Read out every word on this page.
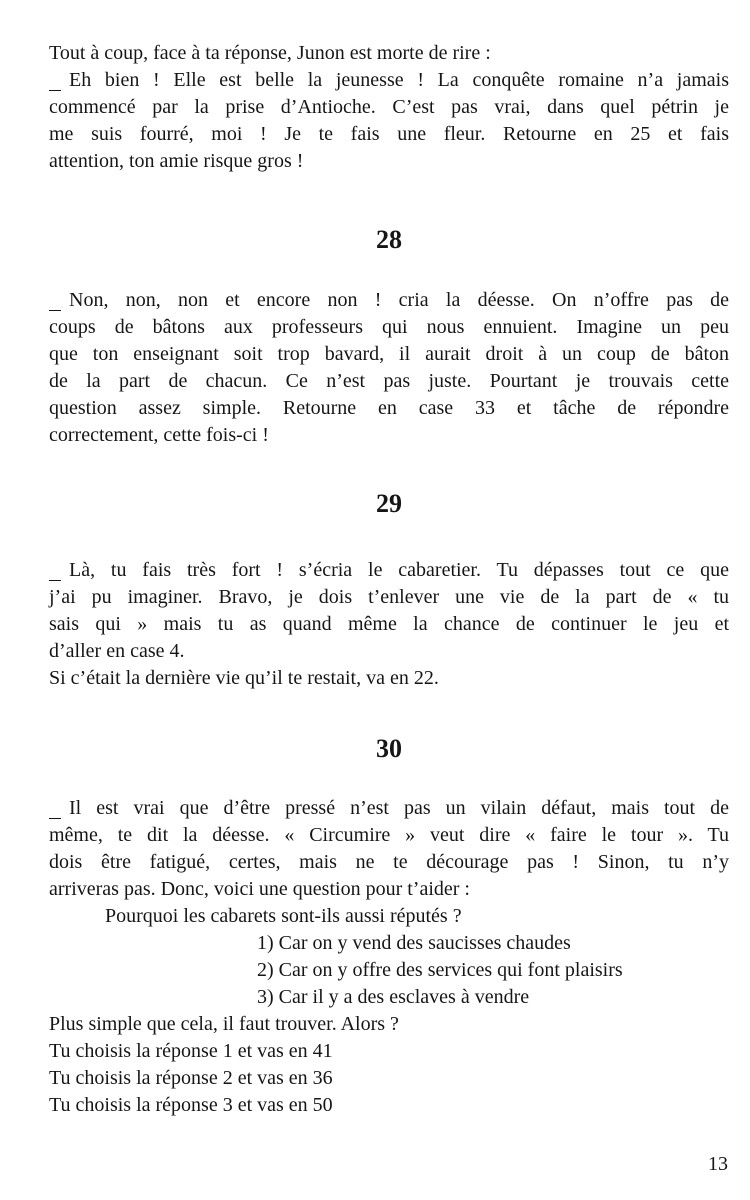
Tout à coup, face à ta réponse, Junon est morte de rire :
Eh bien ! Elle est belle la jeunesse ! La conquête romaine n’a jamais
commencé par la prise d’Antioche. C’est pas vrai, dans quel pétrin je
me suis fourré, moi ! Je te fais une fleur. Retourne en 25 et fais
attention, ton amie risque gros !
28
Non, non, non et encore non ! cria la déesse. On n’offre pas de
coups de bâtons aux professeurs qui nous ennuient. Imagine un peu
que ton enseignant soit trop bavard, il aurait droit à un coup de bâton
de la part de chacun. Ce n’est pas juste. Pourtant je trouvais cette
question assez simple. Retourne en case 33 et tâche de répondre
correctement, cette fois-ci !
29
Là, tu fais très fort ! s’écria le cabaretier. Tu dépasses tout ce que
j’ai pu imaginer. Bravo, je dois t’enlever une vie de la part de « tu
sais qui » mais tu as quand même la chance de continuer le jeu et
d’aller en case 4.
Si c’était la dernière vie qu’il te restait, va en 22.
30
Il est vrai que d’être pressé n’est pas un vilain défaut, mais tout de
même, te dit la déesse. « Circumire » veut dire « faire le tour ». Tu
dois être fatigué, certes, mais ne te décourage pas ! Sinon, tu n’y
arriveras pas. Donc, voici une question pour t’aider :
Pourquoi les cabarets sont-ils aussi réputés ?
1) Car on y vend des saucisses chaudes
2) Car on y offre des services qui font plaisirs
3) Car il y a des esclaves à vendre
Plus simple que cela, il faut trouver. Alors ?
Tu choisis la réponse 1 et vas en 41
Tu choisis la réponse 2 et vas en 36
Tu choisis la réponse 3 et vas en 50
13
